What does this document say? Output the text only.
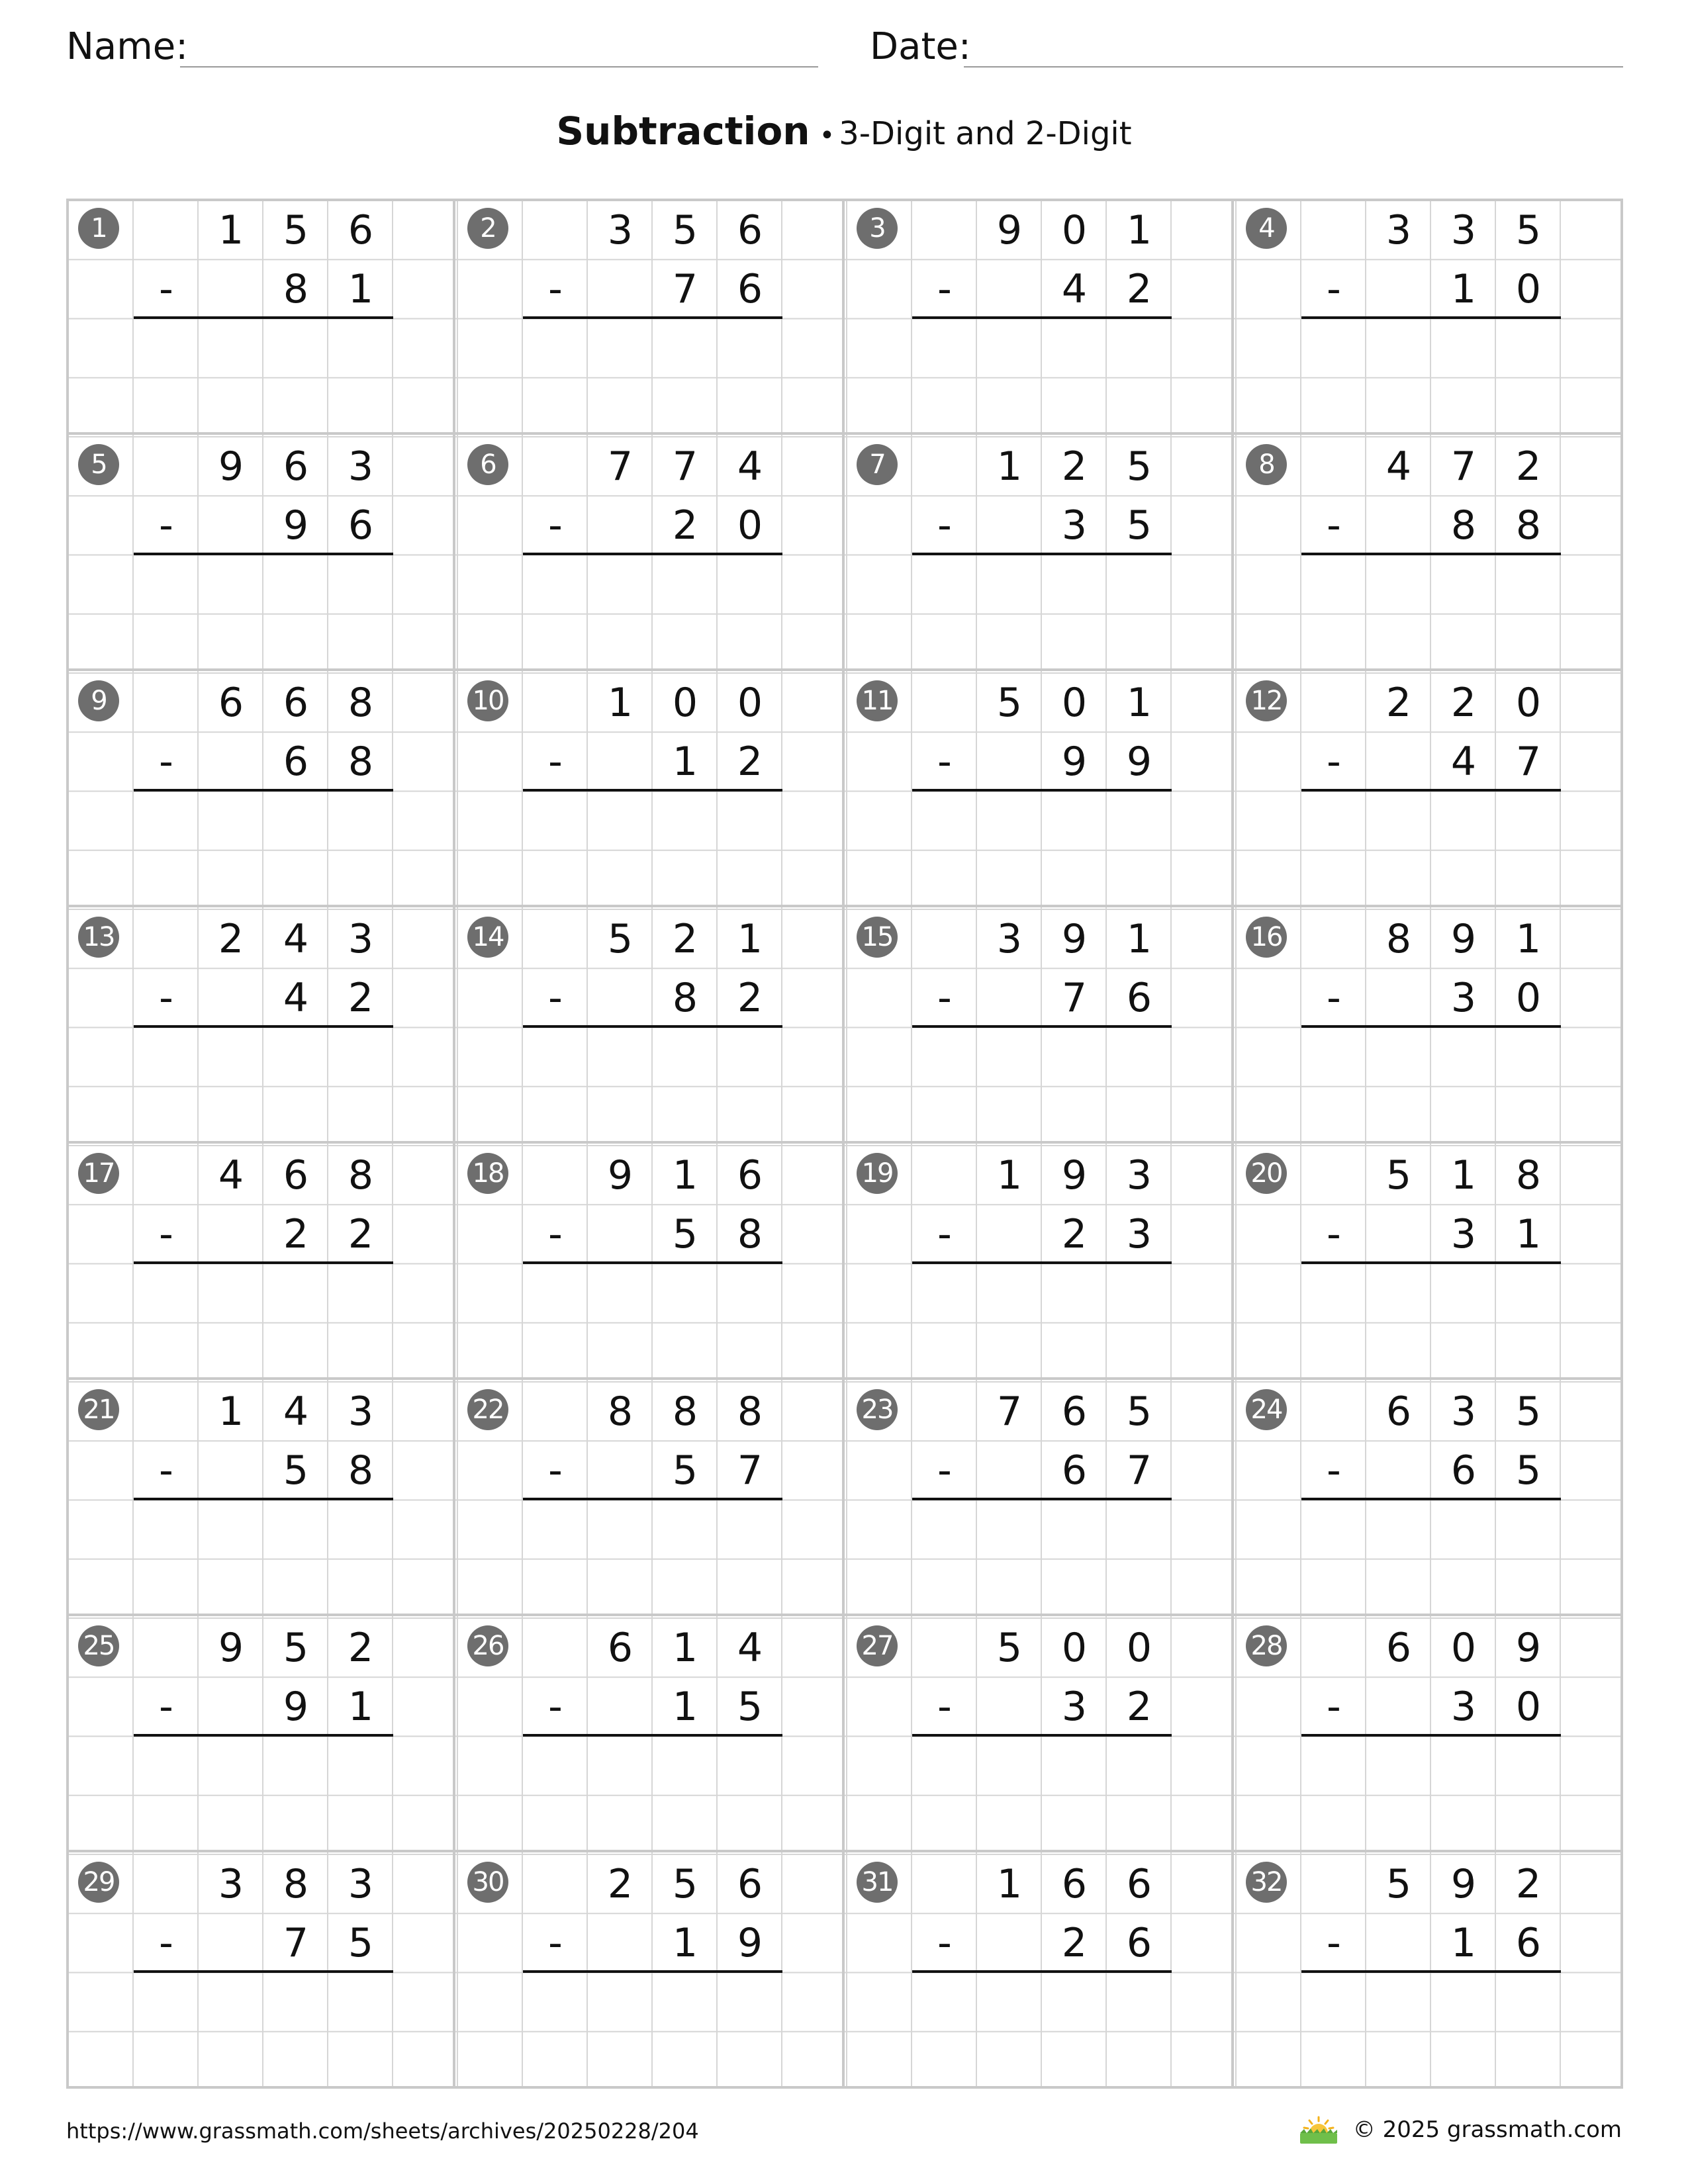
Name:	Date:
Subtraction • 3-Digit and 2-Digit
1	1 5 6
-	8 1
2	3 5 6
-	7 6
3	9 0 1
-	4 2
4	3 3 5
-	1 0
5	9 6 3
-	9 6
6	7 7 4
-	2 0
7	1 2 5
-	3 5
8	4 7 2
-	8 8
9	6 6 8
-	6 8
10	1 0 0
-	1 2
11	5 0 1
-	9 9
12	2 2 0
-	4 7
13	2 4 3
-	4 2
14	5 2 1
-	8 2
15	3 9 1
-	7 6
16	8 9 1
-	3 0
17	4 6 8
-	2 2
18	9 1 6
-	5 8
19	1 9 3
-	2 3
20	5 1 8
-	3 1
21	1 4 3
-	5 8
22	8 8 8
-	5 7
23	7 6 5
-	6 7
24	6 3 5
-	6 5
25	9 5 2
-	9 1
26	6 1 4
-	1 5
27	5 0 0
-	3 2
28	6 0 9
-	3 0
29	3 8 3
-	7 5
30	2 5 6
-	1 9
31	1 6 6
-	2 6
32	5 9 2
-	1 6
https://www.grassmath.com/sheets/archives/20250228/204	© 2025 grassmath.com
